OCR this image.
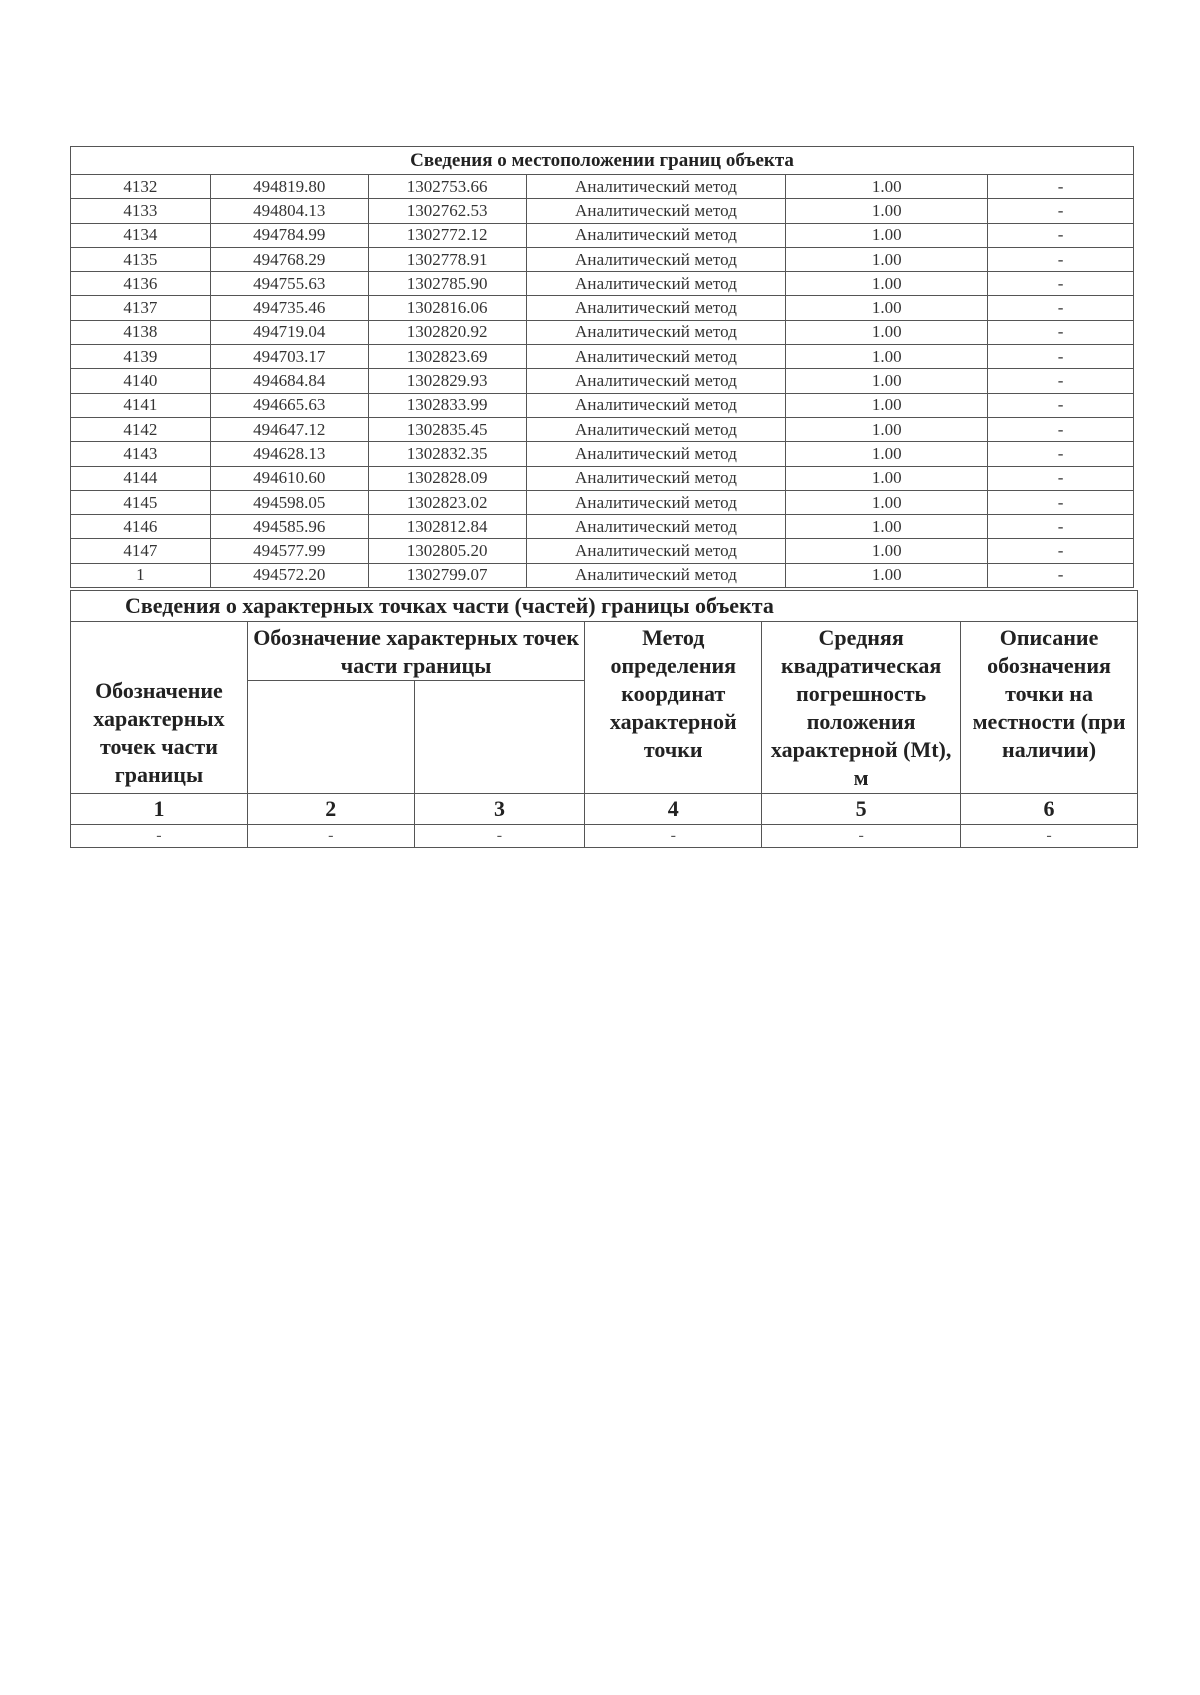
Сведения о местоположении границ объекта					
4132	494819.80	1302753.66	Аналитический метод	1.00	-
4133	494804.13	1302762.53	Аналитический метод	1.00	-
4134	494784.99	1302772.12	Аналитический метод	1.00	-
4135	494768.29	1302778.91	Аналитический метод	1.00	-
4136	494755.63	1302785.90	Аналитический метод	1.00	-
4137	494735.46	1302816.06	Аналитический метод	1.00	-
4138	494719.04	1302820.92	Аналитический метод	1.00	-
4139	494703.17	1302823.69	Аналитический метод	1.00	-
4140	494684.84	1302829.93	Аналитический метод	1.00	-
4141	494665.63	1302833.99	Аналитический метод	1.00	-
4142	494647.12	1302835.45	Аналитический метод	1.00	-
4143	494628.13	1302832.35	Аналитический метод	1.00	-
4144	494610.60	1302828.09	Аналитический метод	1.00	-
4145	494598.05	1302823.02	Аналитический метод	1.00	-
4146	494585.96	1302812.84	Аналитический метод	1.00	-
4147	494577.99	1302805.20	Аналитический метод	1.00	-
1	494572.20	1302799.07	Аналитический метод	1.00	-
Сведения о характерных точках части (частей) границы объекта					
Обозначение характерных точек части границы	Обозначение характерных точек части границы		Метод определения координат характерной точки	Средняя квадратическая погрешность положения характерной (Mt), м	Описание обозначения точки на местности (при наличии)

1	2	3	4	5	6
-	-	-	-	-	-
